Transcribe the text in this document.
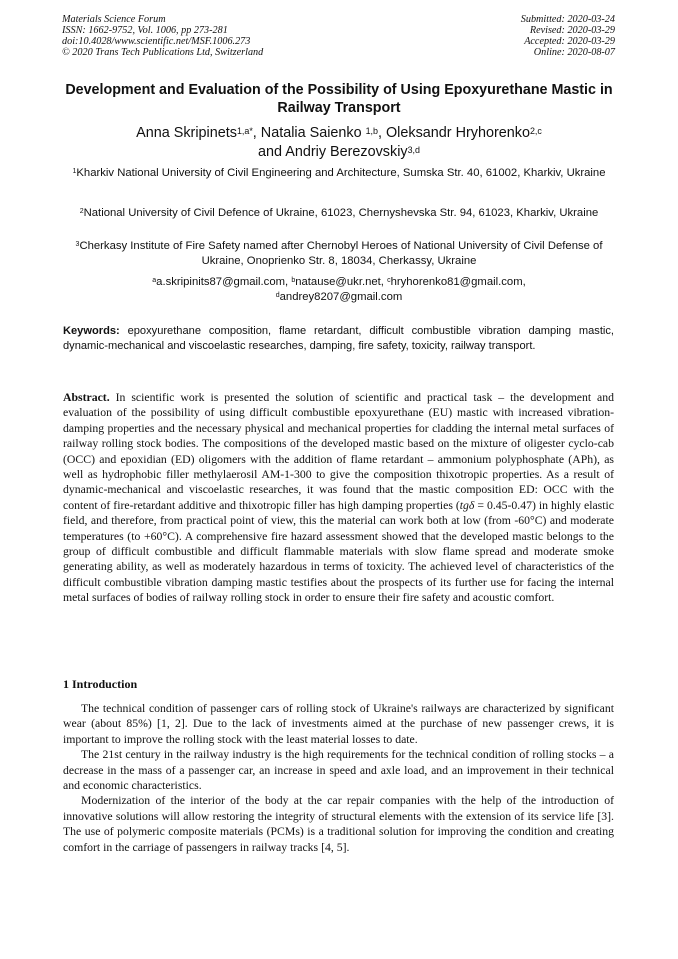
Materials Science Forum
ISSN: 1662-9752, Vol. 1006, pp 273-281
doi:10.4028/www.scientific.net/MSF.1006.273
© 2020 Trans Tech Publications Ltd, Switzerland
Submitted: 2020-03-24
Revised: 2020-03-29
Accepted: 2020-03-29
Online: 2020-08-07
Development and Evaluation of the Possibility of Using Epoxyurethane Mastic in Railway Transport
Anna Skripinets$^{1,a*}$, Natalia Saienko $^{1,b}$, Oleksandr Hryhorenko$^{2,c}$
and Andriy Berezovskiy$^{3,d}$
$^1$Kharkiv National University of Civil Engineering and Architecture, Sumska Str. 40, 61002, Kharkiv, Ukraine
$^2$National University of Civil Defence of Ukraine, 61023, Chernyshevska Str. 94, 61023, Kharkiv, Ukraine
$^3$Cherkasy Institute of Fire Safety named after Chernobyl Heroes of National University of Civil Defense of Ukraine, Onoprienko Str. 8, 18034, Cherkassy, Ukraine
$^a$a.skripinits87@gmail.com, $^b$natause@ukr.net, $^c$hryhorenko81@gmail.com,
$^d$andrey8207@gmail.com
Keywords: epoxyurethane composition, flame retardant, difficult combustible vibration damping mastic, dynamic-mechanical and viscoelastic researches, damping, fire safety, toxicity, railway transport.
Abstract. In scientific work is presented the solution of scientific and practical task – the development and evaluation of the possibility of using difficult combustible epoxyurethane (EU) mastic with increased vibration-damping properties and the necessary physical and mechanical properties for cladding the internal metal surfaces of railway rolling stock bodies. The compositions of the developed mastic based on the mixture of oligester cyclo-cab (OCC) and epoxidian (ED) oligomers with the addition of flame retardant – ammonium polyphosphate (APh), as well as hydrophobic filler methylaerosil AM-1-300 to give the composition thixotropic properties. As a result of dynamic-mechanical and viscoelastic researches, it was found that the mastic composition ED: OCC with the content of fire-retardant additive and thixotropic filler has high damping properties (tgδ = 0.45-0.47) in highly elastic field, and therefore, from practical point of view, this the material can work both at low (from -60°C) and moderate temperatures (to +60°C). A comprehensive fire hazard assessment showed that the developed mastic belongs to the group of difficult combustible and difficult flammable materials with slow flame spread and moderate smoke generating ability, as well as moderately hazardous in terms of toxicity. The achieved level of characteristics of the difficult combustible vibration damping mastic testifies about the prospects of its further use for facing the internal metal surfaces of bodies of railway rolling stock in order to ensure their fire safety and acoustic comfort.
1 Introduction

The technical condition of passenger cars of rolling stock of Ukraine's railways are characterized by significant wear (about 85%) [1, 2]. Due to the lack of investments aimed at the purchase of new passenger crews, it is important to improve the rolling stock with the least material losses to date.

The 21st century in the railway industry is the high requirements for the technical condition of rolling stocks – a decrease in the mass of a passenger car, an increase in speed and axle load, and an improvement in their technical and economic characteristics.

Modernization of the interior of the body at the car repair companies with the help of the introduction of innovative solutions will allow restoring the integrity of structural elements with the extension of its service life [3]. The use of polymeric composite materials (PCMs) is a traditional solution for improving the condition and creating comfort in the carriage of passengers in railway tracks [4, 5].
